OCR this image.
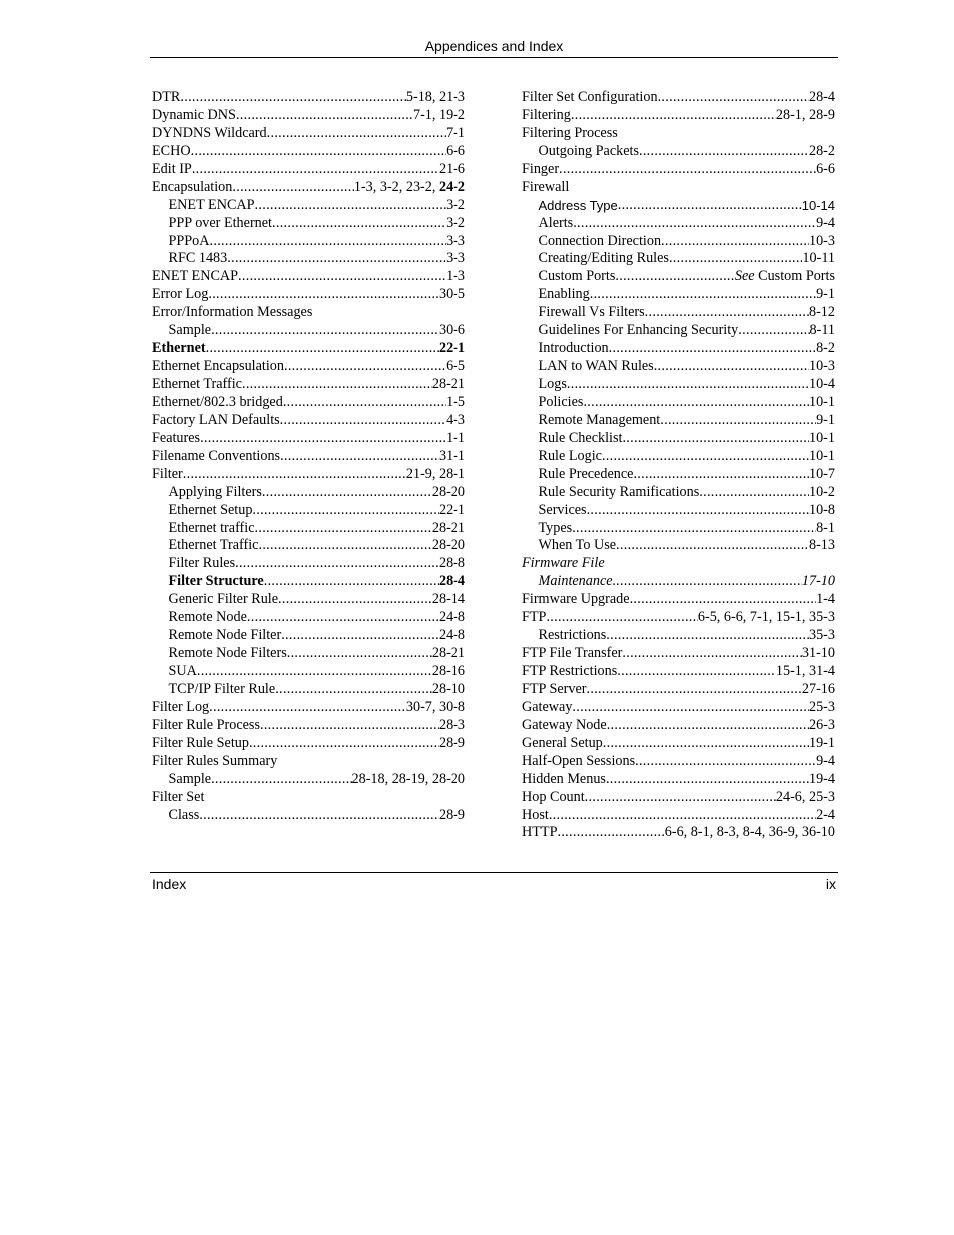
Appendices and Index
DTR .....	5-18, 21-3
Dynamic DNS .....	7-1, 19-2
DYNDNS Wildcard .....	7-1
ECHO .....	6-6
Edit IP .....	21-6
Encapsulation .....	1-3, 3-2, 23-2, 24-2
ENET ENCAP .....	3-2
PPP over Ethernet .....	3-2
PPPoA .....	3-3
RFC 1483 .....	3-3
ENET ENCAP .....	1-3
Error Log .....	30-5
Error/Information Messages
Sample .....	30-6
Ethernet .....	22-1
Ethernet Encapsulation .....	6-5
Ethernet Traffic .....	28-21
Ethernet/802.3 bridged .....	1-5
Factory LAN Defaults .....	4-3
Features .....	1-1
Filename Conventions .....	31-1
Filter .....	21-9, 28-1
Applying Filters .....	28-20
Ethernet Setup .....	22-1
Ethernet traffic .....	28-21
Ethernet Traffic .....	28-20
Filter Rules .....	28-8
Filter Structure .....	28-4
Generic Filter Rule .....	28-14
Remote Node .....	24-8
Remote Node Filter .....	24-8
Remote Node Filters .....	28-21
SUA .....	28-16
TCP/IP Filter Rule .....	28-10
Filter Log .....	30-7, 30-8
Filter Rule Process .....	28-3
Filter Rule Setup .....	28-9
Filter Rules Summary
Sample .....	28-18, 28-19, 28-20
Filter Set
Class .....	28-9
Filter Set Configuration .....	28-4
Filtering .....	28-1, 28-9
Filtering Process
Outgoing Packets .....	28-2
Finger .....	6-6
Firewall
Address Type .....	10-14
Alerts .....	9-4
Connection Direction .....	10-3
Creating/Editing Rules .....	10-11
Custom Ports .....	See Custom Ports
Enabling .....	9-1
Firewall Vs Filters .....	8-12
Guidelines For Enhancing Security .....	8-11
Introduction .....	8-2
LAN to WAN Rules .....	10-3
Logs .....	10-4
Policies .....	10-1
Remote Management .....	9-1
Rule Checklist .....	10-1
Rule Logic .....	10-1
Rule Precedence .....	10-7
Rule Security Ramifications .....	10-2
Services .....	10-8
Types .....	8-1
When To Use .....	8-13
Firmware File
Maintenance .....	17-10
Firmware Upgrade .....	1-4
FTP .....	6-5, 6-6, 7-1, 15-1, 35-3
Restrictions .....	35-3
FTP File Transfer .....	31-10
FTP Restrictions .....	15-1, 31-4
FTP Server .....	27-16
Gateway .....	25-3
Gateway Node .....	26-3
General Setup .....	19-1
Half-Open Sessions .....	9-4
Hidden Menus .....	19-4
Hop Count .....	24-6, 25-3
Host .....	2-4
HTTP .....	6-6, 8-1, 8-3, 8-4, 36-9, 36-10
Index	ix
